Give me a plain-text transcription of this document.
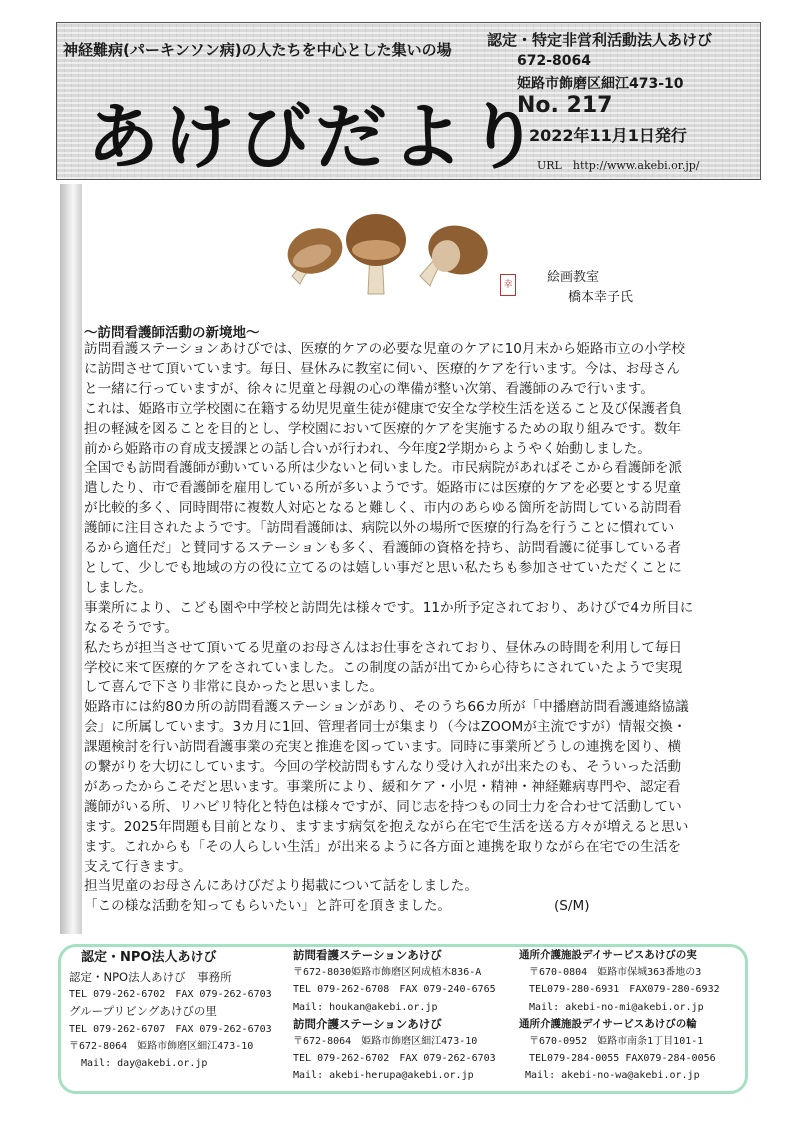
神経難病(パーキンソン病)の人たちを中心とした集いの場
あけびだより
認定・特定非営利活動法人あけび
672-8064
姫路市飾磨区細江473-10
No. 217
2022年11月1日発行
URL　http://www.akebi.or.jp/
幸	絵画教室
橋本幸子氏
～訪問看護師活動の新境地～
訪問看護ステーションあけびでは、医療的ケアの必要な児童のケアに10月末から姫路市立の小学校
に訪問させて頂いています。毎日、昼休みに教室に伺い、医療的ケアを行います。今は、お母さん
と一緒に行っていますが、徐々に児童と母親の心の準備が整い次第、看護師のみで行います。
これは、姫路市立学校園に在籍する幼児児童生徒が健康で安全な学校生活を送ること及び保護者負
担の軽減を図ることを目的とし、学校園において医療的ケアを実施するための取り組みです。数年
前から姫路市の育成支援課との話し合いが行われ、今年度2学期からようやく始動しました。
全国でも訪問看護師が動いている所は少ないと伺いました。市民病院があればそこから看護師を派
遣したり、市で看護師を雇用している所が多いようです。姫路市には医療的ケアを必要とする児童
が比較的多く、同時間帯に複数人対応となると難しく、市内のあらゆる箇所を訪問している訪問看
護師に注目されたようです。「訪問看護師は、病院以外の場所で医療的行為を行うことに慣れてい
るから適任だ」と賛同するステーションも多く、看護師の資格を持ち、訪問看護に従事している者
として、少しでも地域の方の役に立てるのは嬉しい事だと思い私たちも参加させていただくことに
しました。
事業所により、こども園や中学校と訪問先は様々です。11か所予定されており、あけびで4カ所目に
なるそうです。
私たちが担当させて頂いてる児童のお母さんはお仕事をされており、昼休みの時間を利用して毎日
学校に来て医療的ケアをされていました。この制度の話が出てから心待ちにされていたようで実現
して喜んで下さり非常に良かったと思いました。
姫路市には約80カ所の訪問看護ステーションがあり、そのうち66カ所が「中播磨訪問看護連絡協議
会」に所属しています。3カ月に1回、管理者同士が集まり（今はZOOMが主流ですが）情報交換・
課題検討を行い訪問看護事業の充実と推進を図っています。同時に事業所どうしの連携を図り、横
の繋がりを大切にしています。今回の学校訪問もすんなり受け入れが出来たのも、そういった活動
があったからこそだと思います。事業所により、緩和ケア・小児・精神・神経難病専門や、認定看
護師がいる所、リハビリ特化と特色は様々ですが、同じ志を持つもの同士力を合わせて活動してい
ます。2025年問題も目前となり、ますます病気を抱えながら在宅で生活を送る方々が増えると思い
ます。これからも「その人らしい生活」が出来るように各方面と連携を取りながら在宅での生活を
支えて行きます。
担当児童のお母さんにあけびだより掲載について話をしました。
「この様な活動を知ってもらいたい」と許可を頂きました。	(S/M)
認定・NPO法人あけび
認定・NPO法人あけび　事務所
TEL 079-262-6702　FAX 079-262-6703
グループリビングあけびの里
TEL 079-262-6707　FAX 079-262-6703
〒672-8064　姫路市飾磨区細江473-10
Mail: day@akebi.or.jp
訪問看護ステーションあけび
〒672-8030姫路市飾磨区阿成植木836-A
TEL 079-262-6708　FAX 079-240-6765
Mail: houkan@akebi.or.jp
訪問介護ステーションあけび
〒672-8064　姫路市飾磨区細江473-10
TEL 079-262-6702　FAX 079-262-6703
Mail: akebi-herupa@akebi.or.jp
通所介護施設デイサービスあけびの実
〒670-0804　姫路市保城363番地の3
TEL079-280-6931　FAX079-280-6932
Mail: akebi-no-mi@akebi.or.jp
通所介護施設デイサービスあけびの輪
〒670-0952　姫路市南条1丁目101-1
TEL079-284-0055 FAX079-284-0056
Mail: akebi-no-wa@akebi.or.jp
